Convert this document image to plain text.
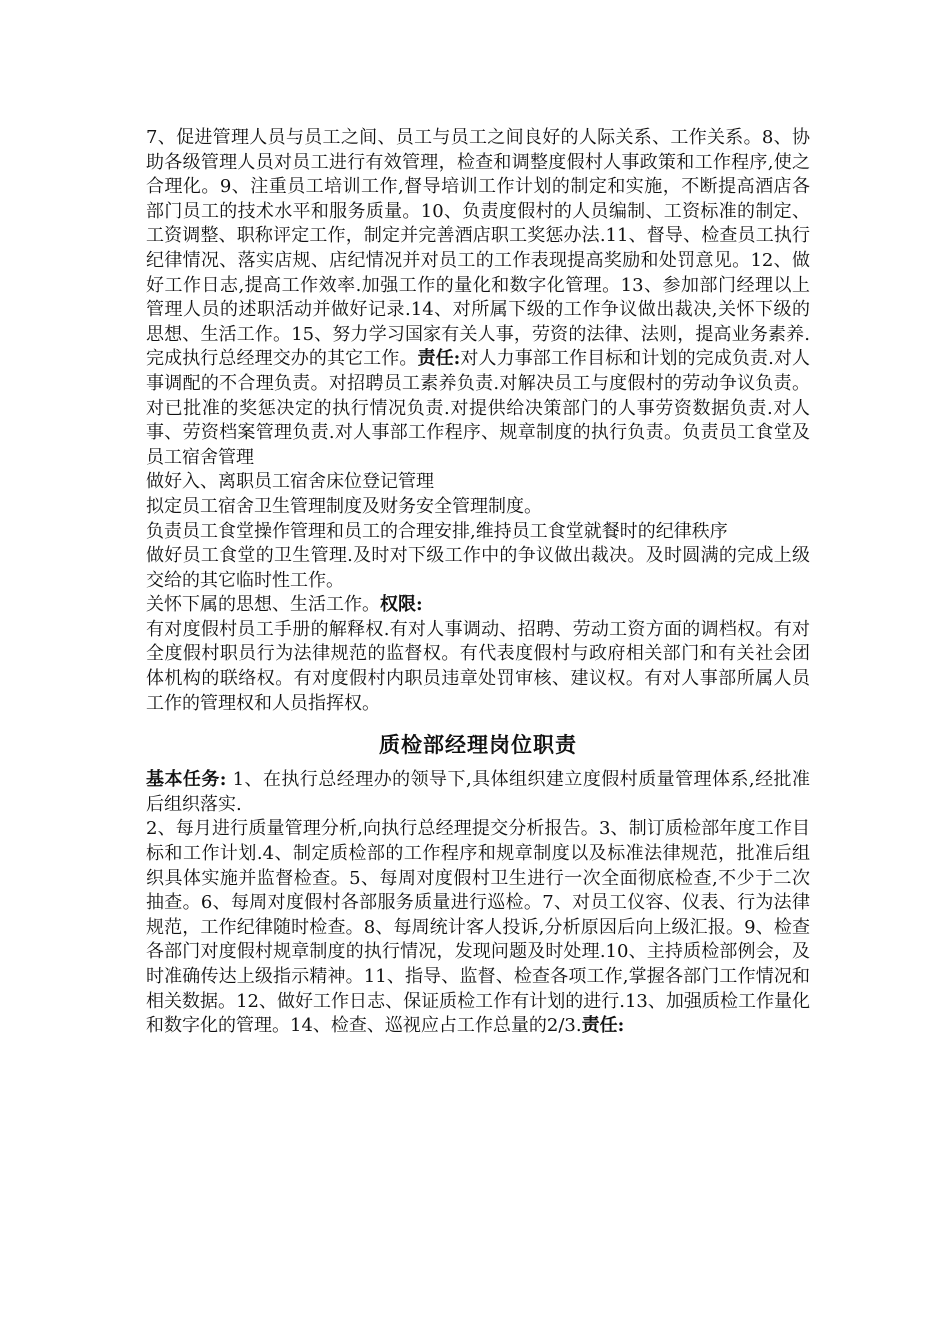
7、促进管理人员与员工之间、员工与员工之间良好的人际关系、工作关系。8、协助各级管理人员对员工进行有效管理，检查和调整度假村人事政策和工作程序,使之合理化。9、注重员工培训工作,督导培训工作计划的制定和实施，不断提高酒店各部门员工的技术水平和服务质量。10、负责度假村的人员编制、工资标准的制定、工资调整、职称评定工作，制定并完善酒店职工奖惩办法.11、督导、检查员工执行纪律情况、落实店规、店纪情况并对员工的工作表现提高奖励和处罚意见。12、做好工作日志,提高工作效率.加强工作的量化和数字化管理。13、参加部门经理以上管理人员的述职活动并做好记录.14、对所属下级的工作争议做出裁决,关怀下级的思想、生活工作。15、努力学习国家有关人事，劳资的法律、法则，提高业务素养.完成执行总经理交办的其它工作。责任:对人力事部工作目标和计划的完成负责.对人事调配的不合理负责。对招聘员工素养负责.对解决员工与度假村的劳动争议负责。对已批准的奖惩决定的执行情况负责.对提供给决策部门的人事劳资数据负责.对人事、劳资档案管理负责.对人事部工作程序、规章制度的执行负责。负责员工食堂及员工宿舍管理

做好入、离职员工宿舍床位登记管理

拟定员工宿舍卫生管理制度及财务安全管理制度。

负责员工食堂操作管理和员工的合理安排,维持员工食堂就餐时的纪律秩序

做好员工食堂的卫生管理.及时对下级工作中的争议做出裁决。及时圆满的完成上级交给的其它临时性工作。

关怀下属的思想、生活工作。权限:

有对度假村员工手册的解释权.有对人事调动、招聘、劳动工资方面的调档权。有对全度假村职员行为法律规范的监督权。有代表度假村与政府相关部门和有关社会团体机构的联络权。有对度假村内职员违章处罚审核、建议权。有对人事部所属人员工作的管理权和人员指挥权。

质检部经理岗位职责

基本任务: 1、在执行总经理办的领导下,具体组织建立度假村质量管理体系,经批准后组织落实.

2、每月进行质量管理分析,向执行总经理提交分析报告。3、制订质检部年度工作目标和工作计划.4、制定质检部的工作程序和规章制度以及标准法律规范，批准后组织具体实施并监督检查。5、每周对度假村卫生进行一次全面彻底检查,不少于二次抽查。6、每周对度假村各部服务质量进行巡检。7、对员工仪容、仪表、行为法律规范，工作纪律随时检查。8、每周统计客人投诉,分析原因后向上级汇报。9、检查各部门对度假村规章制度的执行情况，发现问题及时处理.10、主持质检部例会，及时准确传达上级指示精神。11、指导、监督、检查各项工作,掌握各部门工作情况和相关数据。12、做好工作日志、保证质检工作有计划的进行.13、加强质检工作量化和数字化的管理。14、检查、巡视应占工作总量的2/3.责任:
